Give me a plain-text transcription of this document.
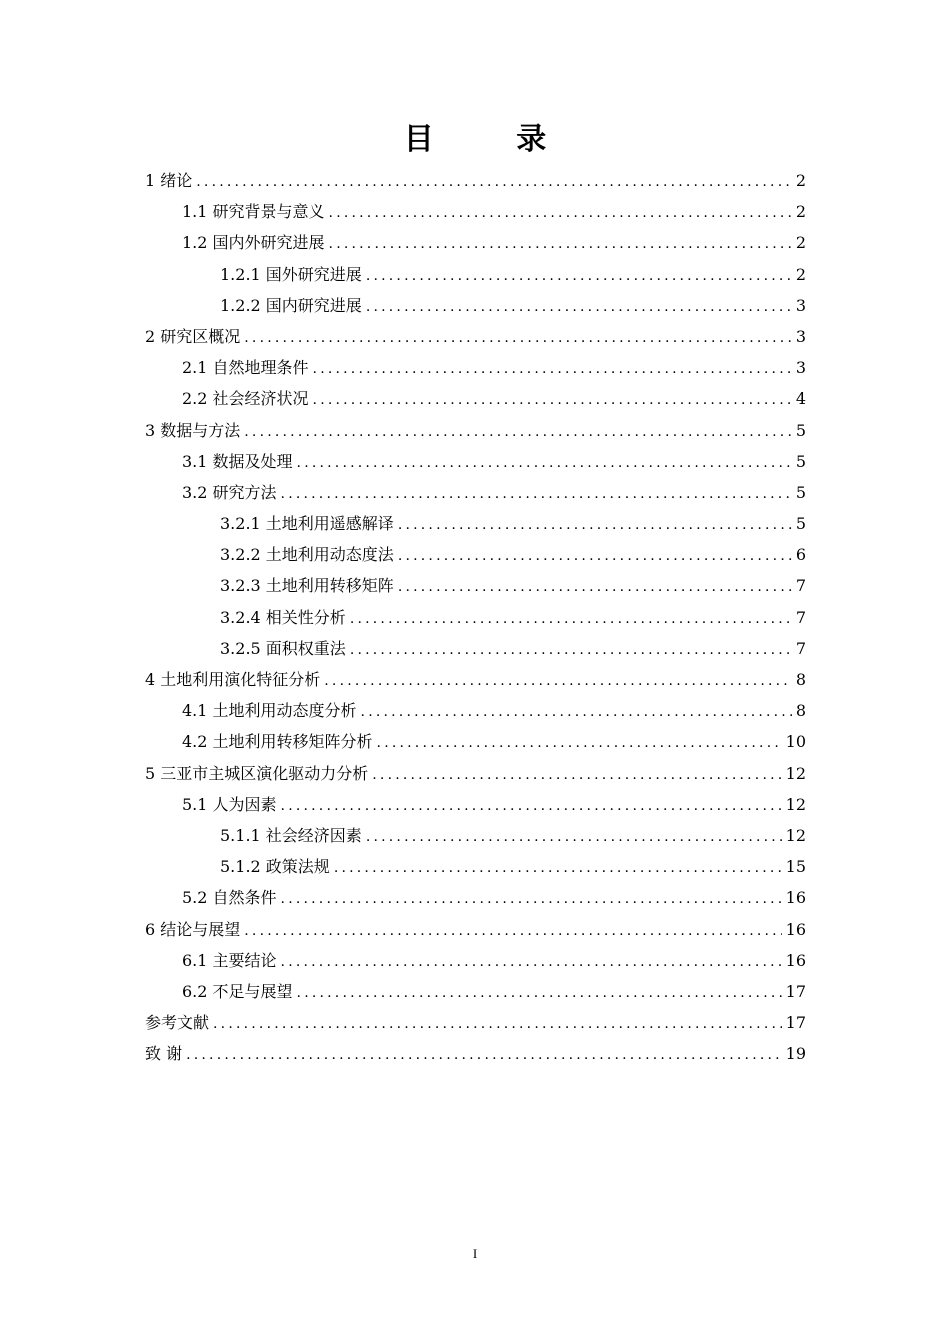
目 录
1 绪论 .....	2
1.1 研究背景与意义 .....	2
1.2 国内外研究进展 .....	2
1.2.1 国外研究进展 .....	2
1.2.2 国内研究进展 .....	3
2 研究区概况 .....	3
2.1 自然地理条件 .....	3
2.2 社会经济状况 .....	4
3 数据与方法 .....	5
3.1 数据及处理 .....	5
3.2 研究方法 .....	5
3.2.1 土地利用遥感解译 .....	5
3.2.2 土地利用动态度法 .....	6
3.2.3 土地利用转移矩阵 .....	7
3.2.4 相关性分析 .....	7
3.2.5 面积权重法 .....	7
4 土地利用演化特征分析 .....	8
4.1 土地利用动态度分析 .....	8
4.2 土地利用转移矩阵分析 .....	10
5 三亚市主城区演化驱动力分析 .....	12
5.1 人为因素 .....	12
5.1.1 社会经济因素 .....	12
5.1.2 政策法规 .....	15
5.2 自然条件 .....	16
6 结论与展望 .....	16
6.1 主要结论 .....	16
6.2 不足与展望 .....	17
参考文献 .....	17
致 谢 .....	19
I
